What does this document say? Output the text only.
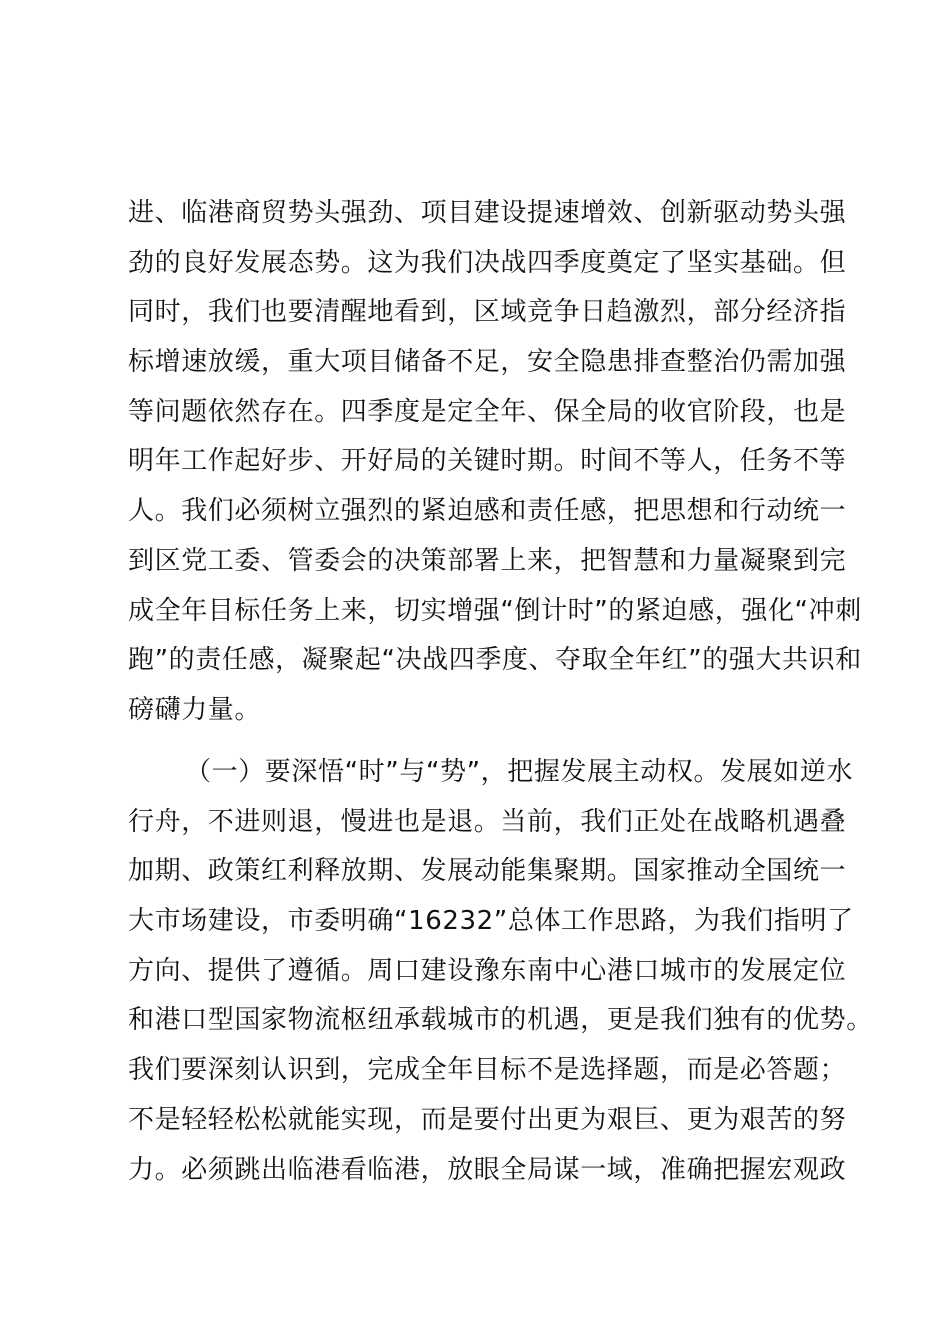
进、临港商贸势头强劲、项目建设提速增效、创新驱动势头强
劲的良好发展态势。这为我们决战四季度奠定了坚实基础。但
同时，我们也要清醒地看到，区域竞争日趋激烈，部分经济指
标增速放缓，重大项目储备不足，安全隐患排查整治仍需加强
等问题依然存在。四季度是定全年、保全局的收官阶段，也是
明年工作起好步、开好局的关键时期。时间不等人，任务不等
人。我们必须树立强烈的紧迫感和责任感，把思想和行动统一
到区党工委、管委会的决策部署上来，把智慧和力量凝聚到完
成全年目标任务上来，切实增强“倒计时”的紧迫感，强化“冲刺
跑”的责任感，凝聚起“决战四季度、夺取全年红”的强大共识和
磅礴力量。
（一）要深悟“时”与“势”，把握发展主动权。发展如逆水
行舟，不进则退，慢进也是退。当前，我们正处在战略机遇叠
加期、政策红利释放期、发展动能集聚期。国家推动全国统一
大市场建设，市委明确“16232”总体工作思路，为我们指明了
方向、提供了遵循。周口建设豫东南中心港口城市的发展定位
和港口型国家物流枢纽承载城市的机遇，更是我们独有的优势。
我们要深刻认识到，完成全年目标不是选择题，而是必答题；
不是轻轻松松就能实现，而是要付出更为艰巨、更为艰苦的努
力。必须跳出临港看临港，放眼全局谋一域，准确把握宏观政
